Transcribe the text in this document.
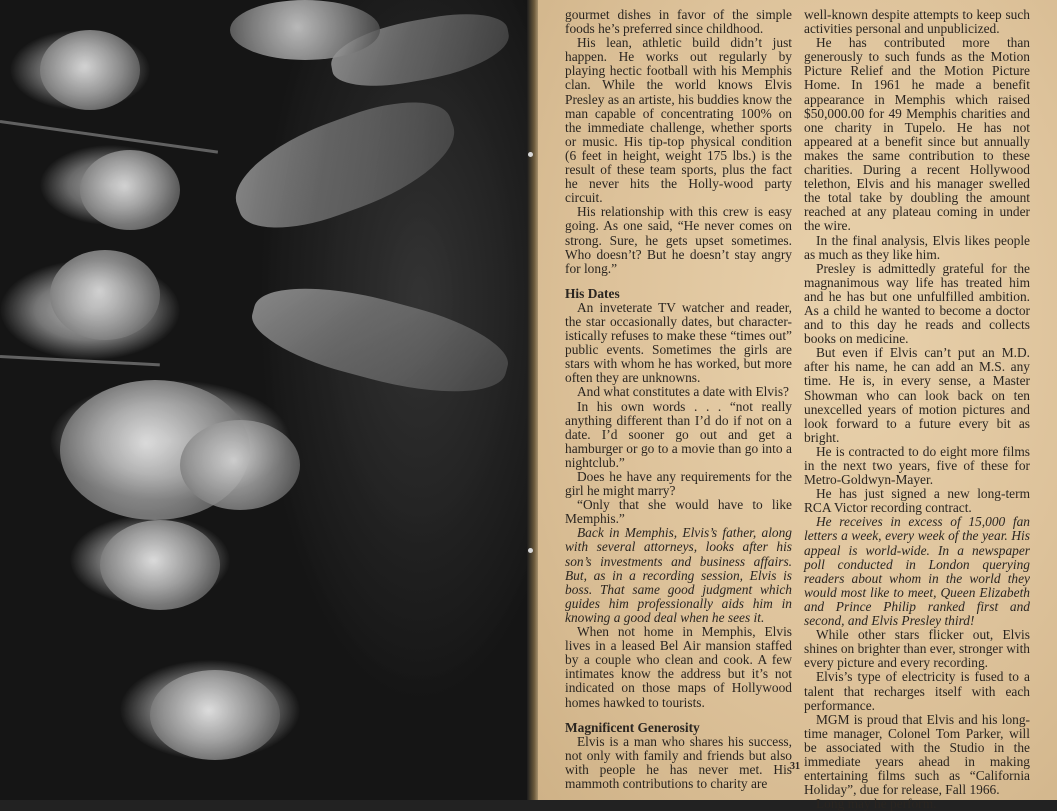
gourmet dishes in favor of the simple foods he’s preferred since childhood.

His lean, athletic build didn’t just happen. He works out regularly by playing hectic football with his Memphis clan. While the world knows Elvis Presley as an artiste, his buddies know the man capable of concentrating 100% on the immediate challenge, whether sports or music. His tip-top physical condition (6 feet in height, weight 175 lbs.) is the result of these team sports, plus the fact he never hits the Holly-wood party circuit.

His relationship with this crew is easy going. As one said, “He never comes on strong. Sure, he gets upset sometimes. Who doesn’t? But he doesn’t stay angry for long.”

His Dates

An inveterate TV watcher and reader, the star occasionally dates, but character-istically refuses to make these “times out” public events. Sometimes the girls are stars with whom he has worked, but more often they are unknowns.

And what constitutes a date with Elvis?

In his own words . . . “not really anything different than I’d do if not on a date. I’d sooner go out and get a hamburger or go to a movie than go into a nightclub.”

Does he have any requirements for the girl he might marry?

“Only that she would have to like Memphis.”

Back in Memphis, Elvis’s father, along with several attorneys, looks after his son’s investments and business affairs. But, as in a recording session, Elvis is boss. That same good judgment which guides him professionally aids him in knowing a good deal when he sees it.

When not home in Memphis, Elvis lives in a leased Bel Air mansion staffed by a couple who clean and cook. A few intimates know the address but it’s not indicated on those maps of Hollywood homes hawked to tourists.

Magnificent Generosity

Elvis is a man who shares his success, not only with family and friends but also with people he has never met. His mammoth contributions to charity are

well-known despite attempts to keep such activities personal and unpublicized.

He has contributed more than generously to such funds as the Motion Picture Relief and the Motion Picture Home. In 1961 he made a benefit appearance in Memphis which raised $50,000.00 for 49 Memphis charities and one charity in Tupelo. He has not appeared at a benefit since but annually makes the same contribution to these charities. During a recent Hollywood telethon, Elvis and his manager swelled the total take by doubling the amount reached at any plateau coming in under the wire.

In the final analysis, Elvis likes people as much as they like him.

Presley is admittedly grateful for the magnanimous way life has treated him and he has but one unfulfilled ambition. As a child he wanted to become a doctor and to this day he reads and collects books on medicine.

But even if Elvis can’t put an M.D. after his name, he can add an M.S. any time. He is, in every sense, a Master Showman who can look back on ten unexcelled years of motion pictures and look forward to a future every bit as bright.

He is contracted to do eight more films in the next two years, five of these for Metro-Goldwyn-Mayer.

He has just signed a new long-term RCA Victor recording contract.

He receives in excess of 15,000 fan letters a week, every week of the year. His appeal is world-wide. In a newspaper poll conducted in London querying readers about whom in the world they would most like to meet, Queen Elizabeth and Prince Philip ranked first and second, and Elvis Presley third!

While other stars flicker out, Elvis shines on brighter than ever, stronger with every picture and every recording.

Elvis’s type of electricity is fused to a talent that recharges itself with each performance.

MGM is proud that Elvis and his long-time manager, Colonel Tom Parker, will be associated with the Studio in the immediate years ahead in making entertaining films such as “California Holiday”, due for release, Fall 1966.

Long may he perform.

31
